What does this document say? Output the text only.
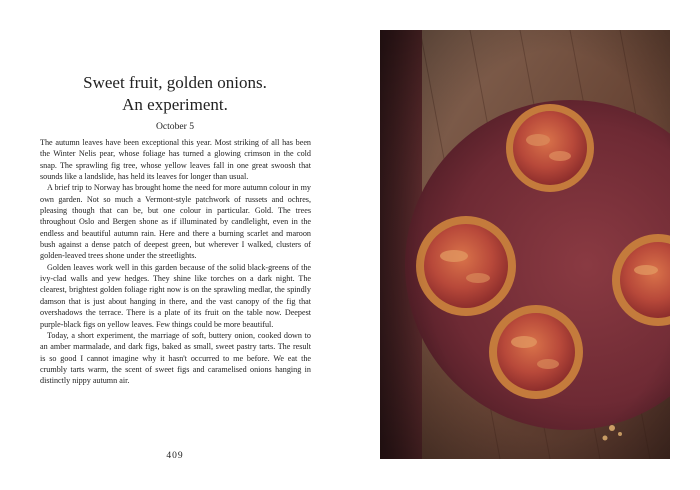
Sweet fruit, golden onions.
An experiment.
October 5

The autumn leaves have been exceptional this year. Most striking of all has been the Winter Nelis pear, whose foliage has turned a glowing crimson in the cold snap. The sprawling fig tree, whose yellow leaves fall in one great swoosh that sounds like a landslide, has held its leaves for longer than usual.

A brief trip to Norway has brought home the need for more autumn colour in my own garden. Not so much a Vermont-style patchwork of russets and ochres, pleasing though that can be, but one colour in particular. Gold. The trees throughout Oslo and Bergen shone as if illuminated by candlelight, even in the endless and beautiful autumn rain. Here and there a burning scarlet and maroon bush against a dense patch of deepest green, but wherever I walked, clusters of golden-leaved trees shone under the streetlights.

Golden leaves work well in this garden because of the solid black-greens of the ivy-clad walls and yew hedges. They shine like torches on a dark night. The clearest, brightest golden foliage right now is on the sprawling medlar, the spindly damson that is just about hanging in there, and the vast canopy of the fig that overshadows the terrace. There is a plate of its fruit on the table now. Deepest purple-black figs on yellow leaves. Few things could be more beautiful.

Today, a short experiment, the marriage of soft, buttery onion, cooked down to an amber marmalade, and dark figs, baked as small, sweet pastry tarts. The result is so good I cannot imagine why it hasn't occurred to me before. We eat the crumbly tarts warm, the scent of sweet figs and caramelised onions hanging in distinctly nippy autumn air.

409
